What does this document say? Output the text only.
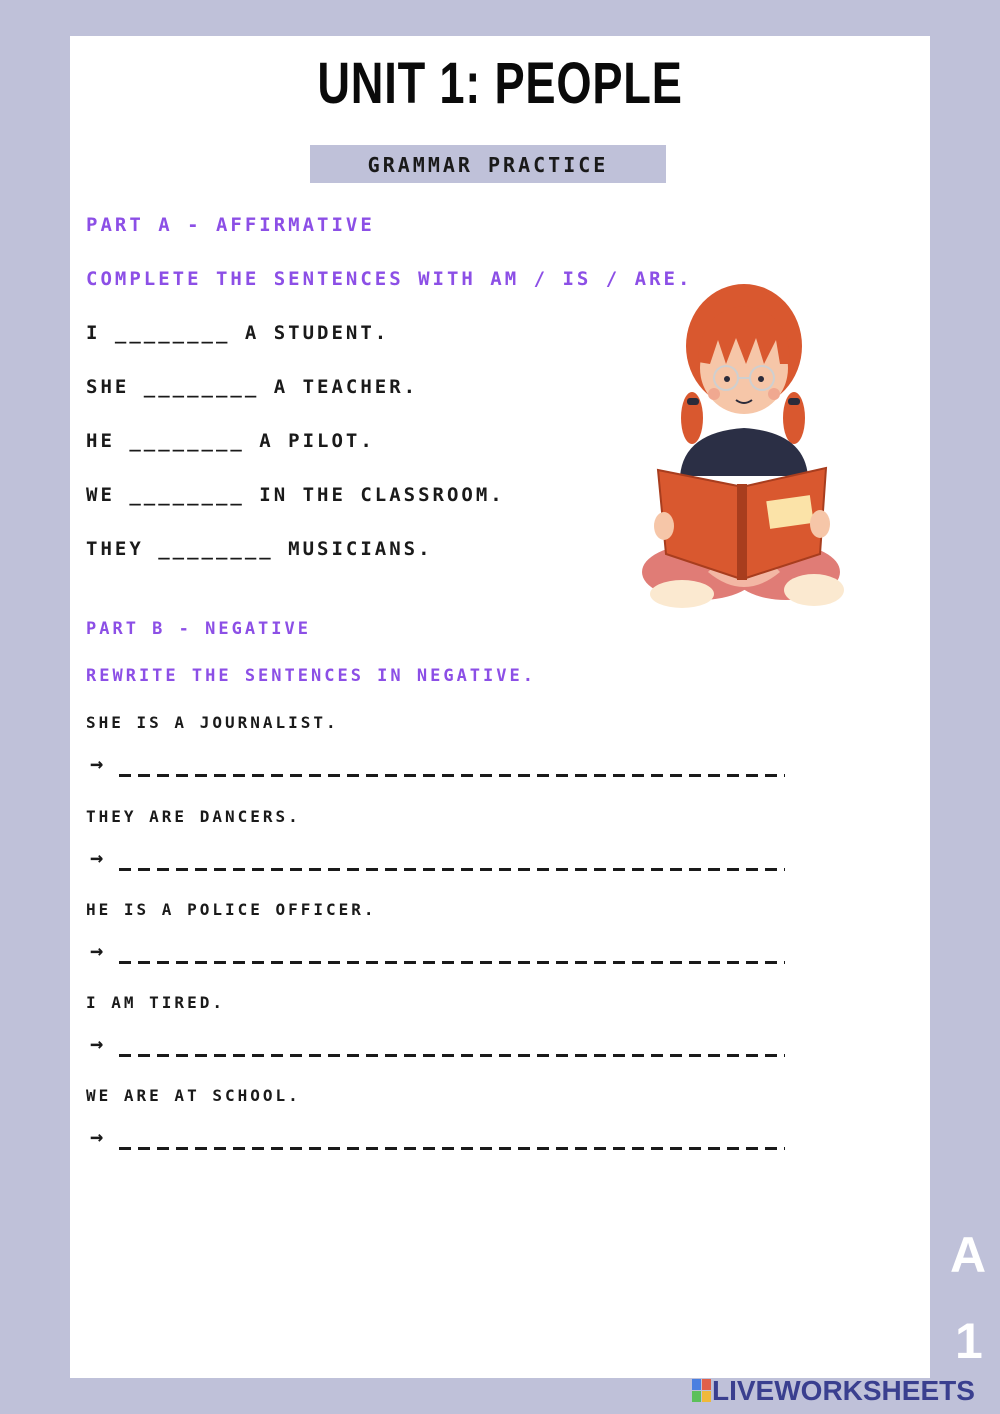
UNIT 1: PEOPLE
GRAMMAR PRACTICE
PART A - AFFIRMATIVE
COMPLETE THE SENTENCES WITH AM / IS / ARE.
I ________ A STUDENT.
SHE ________ A TEACHER.
HE ________ A PILOT.
WE ________ IN THE CLASSROOM.
THEY ________ MUSICIANS.
PART B - NEGATIVE
REWRITE THE SENTENCES IN NEGATIVE.
SHE IS A JOURNALIST.
→
THEY ARE DANCERS.
→
HE IS A POLICE OFFICER.
→
I AM TIRED.
→
WE ARE AT SCHOOL.
→
A
1
LIVEWORKSHEETS
